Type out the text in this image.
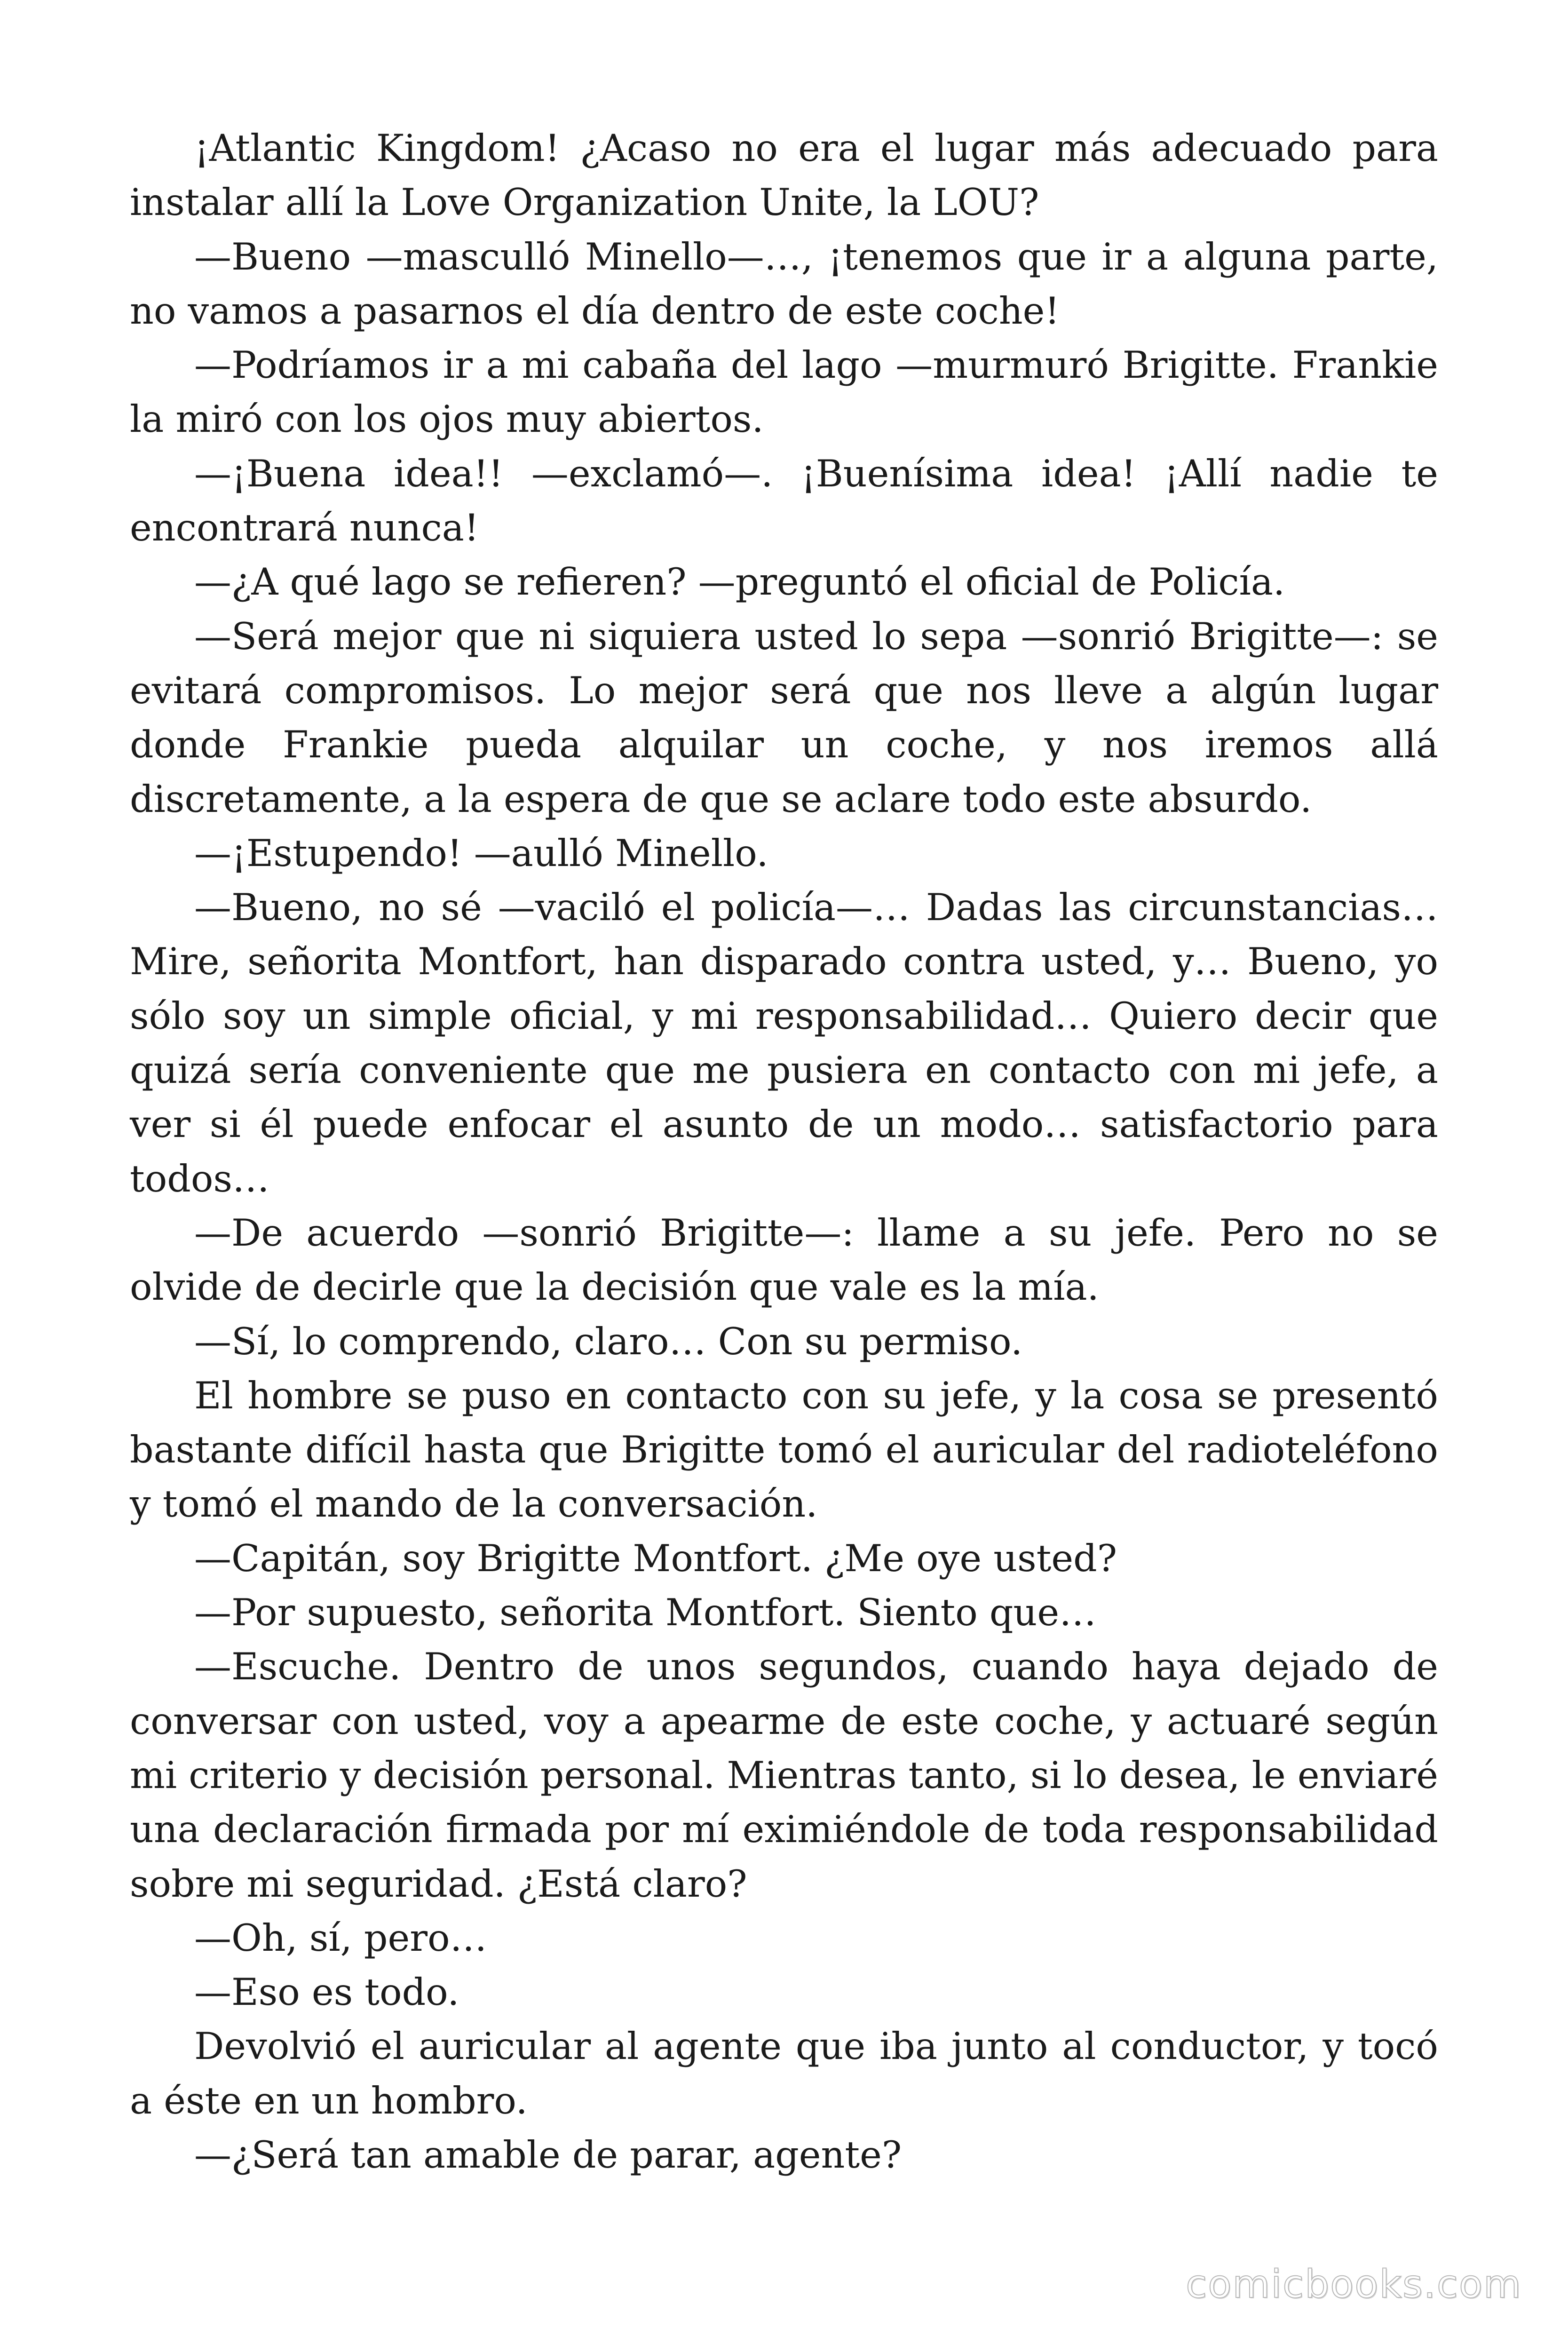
¡Atlantic Kingdom! ¿Acaso no era el lugar más adecuado para instalar allí la Love Organization Unite, la LOU?

—Bueno —masculló Minello—…, ¡tenemos que ir a alguna parte, no vamos a pasarnos el día dentro de este coche!

—Podríamos ir a mi cabaña del lago —murmuró Brigitte. Frankie la miró con los ojos muy abiertos.

—¡Buena idea!! —exclamó—. ¡Buenísima idea! ¡Allí nadie te encontrará nunca!

—¿A qué lago se refieren? —preguntó el oficial de Policía.

—Será mejor que ni siquiera usted lo sepa —sonrió Brigitte—: se evitará compromisos. Lo mejor será que nos lleve a algún lugar donde Frankie pueda alquilar un coche, y nos iremos allá discretamente, a la espera de que se aclare todo este absurdo.

—¡Estupendo! —aulló Minello.

—Bueno, no sé —vaciló el policía—… Dadas las circunstancias… Mire, señorita Montfort, han disparado contra usted, y… Bueno, yo sólo soy un simple oficial, y mi responsabilidad… Quiero decir que quizá sería conveniente que me pusiera en contacto con mi jefe, a ver si él puede enfocar el asunto de un modo… satisfactorio para todos…

—De acuerdo —sonrió Brigitte—: llame a su jefe. Pero no se olvide de decirle que la decisión que vale es la mía.

—Sí, lo comprendo, claro… Con su permiso.

El hombre se puso en contacto con su jefe, y la cosa se presentó bastante difícil hasta que Brigitte tomó el auricular del radioteléfono y tomó el mando de la conversación.

—Capitán, soy Brigitte Montfort. ¿Me oye usted?

—Por supuesto, señorita Montfort. Siento que…

—Escuche. Dentro de unos segundos, cuando haya dejado de conversar con usted, voy a apearme de este coche, y actuaré según mi criterio y decisión personal. Mientras tanto, si lo desea, le enviaré una declaración firmada por mí eximiéndole de toda responsabilidad sobre mi seguridad. ¿Está claro?

—Oh, sí, pero…

—Eso es todo.

Devolvió el auricular al agente que iba junto al conductor, y tocó a éste en un hombro.

—¿Será tan amable de parar, agente?

comicbooks.com
